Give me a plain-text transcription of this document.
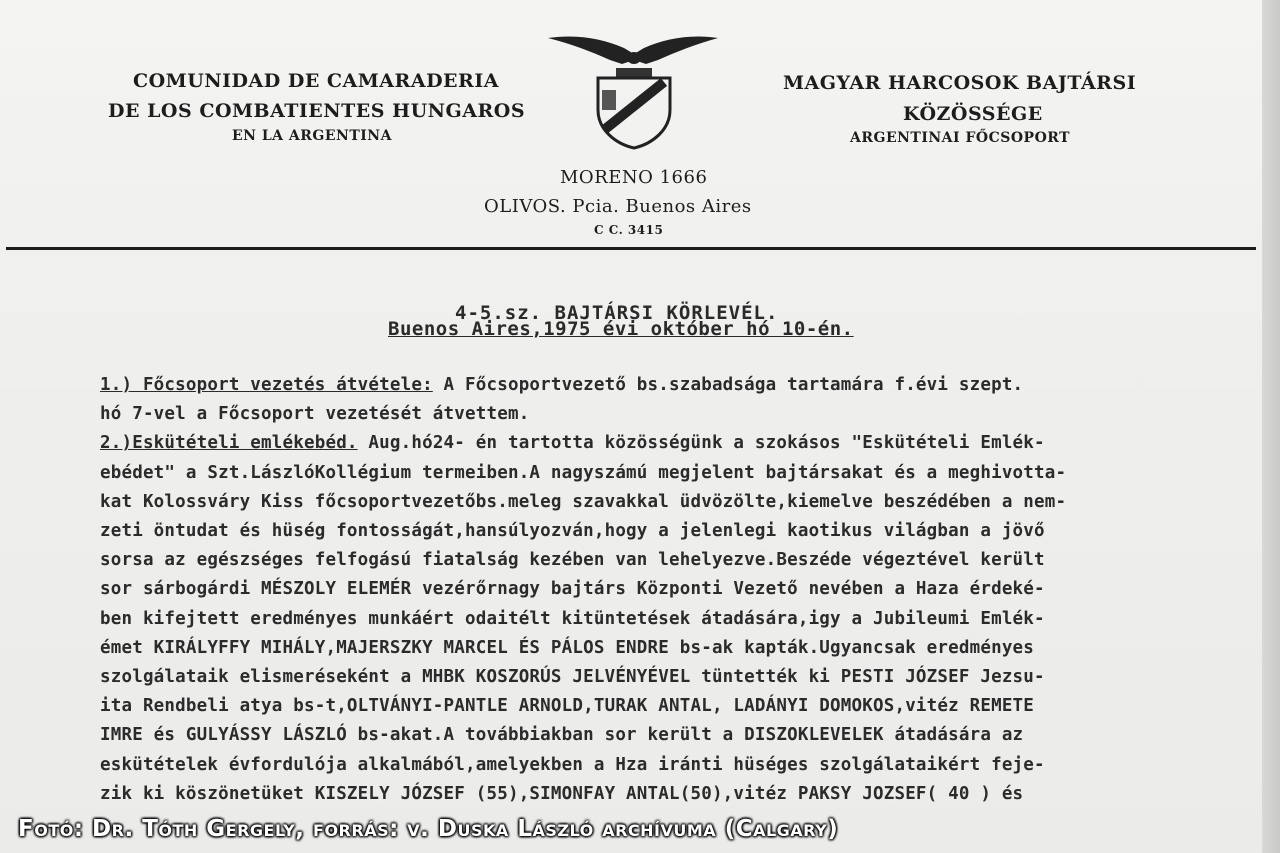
COMUNIDAD DE CAMARADERIA
DE LOS COMBATIENTES HUNGAROS
EN LA ARGENTINA
MAGYAR HARCOSOK BAJTÁRSI
KÖZÖSSÉGE
ARGENTINAI FŐCSOPORT
MORENO 1666
OLIVOS. Pcia. Buenos Aires
C C. 3415
4-5.sz. BAJTÁRSI KÖRLEVÉL.
Buenos Aires,1975 évi október hó 10-én.
1.) Főcsoport vezetés átvétele: A Főcsoportvezető bs.szabadsága tartamára f.évi szept.
hó 7-vel a Főcsoport vezetését átvettem.
2.)Eskütételi emlékebéd. Aug.hó24- én tartotta közösségünk a szokásos "Eskütételi Emlék-
ebédet" a Szt.LászlóKollégium termeiben.A nagyszámú megjelent bajtársakat és a meghivotta-
kat Kolossváry Kiss főcsoportvezetőbs.meleg szavakkal üdvözölte,kiemelve beszédében a nem-
zeti öntudat és hüség fontosságát,hansúlyozván,hogy a jelenlegi kaotikus világban a jövő
sorsa az egészséges felfogású fiatalság kezében van lehelyezve.Beszéde végeztével került
sor sárbogárdi MÉSZOLY ELEMÉR vezérőrnagy bajtárs Központi Vezető nevében a Haza érdeké-
ben kifejtett eredményes munkáért odaitélt kitüntetések átadására,igy a Jubileumi Emlék-
émet KIRÁLYFFY MIHÁLY,MAJERSZKY MARCEL ÉS PÁLOS ENDRE bs-ak kapták.Ugyancsak eredményes
szolgálataik elismeréseként a MHBK KOSZORÚS JELVÉNYÉVEL tüntették ki PESTI JÓZSEF Jezsu-
ita Rendbeli atya bs-t,OLTVÁNYI-PANTLE ARNOLD,TURAK ANTAL, LADÁNYI DOMOKOS,vitéz REMETE
IMRE és GULYÁSSY LÁSZLÓ bs-akat.A továbbiakban sor került a DISZOKLEVELEK átadására az
eskütételek évfordulója alkalmából,amelyekben a Hza iránti hüséges szolgálataikért feje-
zik ki köszönetüket KISZELY JÓZSEF (55),SIMONFAY ANTAL(50),vitéz PAKSY JOZSEF( 40 ) és
Fotó: Dr. Tóth Gergely, forrás: v. Duska László archívuma (Calgary)
